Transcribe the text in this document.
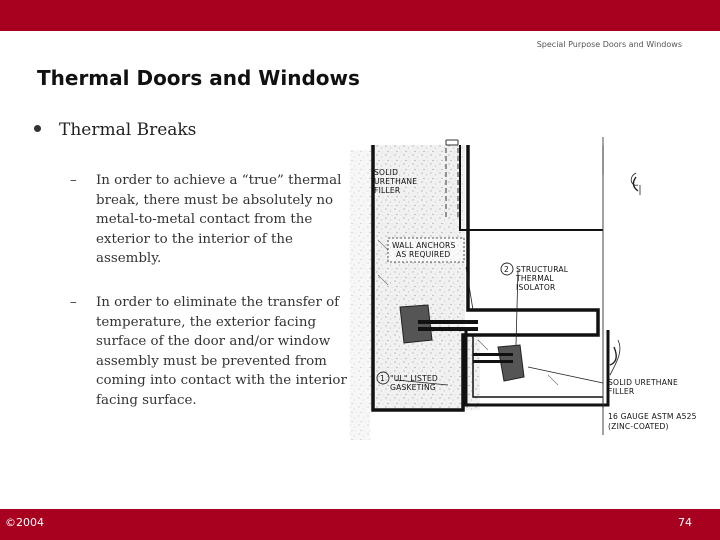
Special Purpose Doors and Windows
Thermal Doors and Windows
Thermal Breaks
– In order to achieve a “true” thermal break, there must be absolutely no metal-to-metal contact from the exterior to the interior of the assembly.
– In order to eliminate the transfer of temperature, the exterior facing surface of the door and/or window assembly must be prevented from coming into contact with the interior facing surface.
SOLID
URETHANE
FILLER
WALL ANCHORS
AS REQUIRED
2 STRUCTURAL
THERMAL
ISOLATOR
1 "UL" LISTED
GASKETING
SOLID URETHANE
FILLER
16 GAUGE ASTM A525
(ZINC-COATED)
©2004	74
